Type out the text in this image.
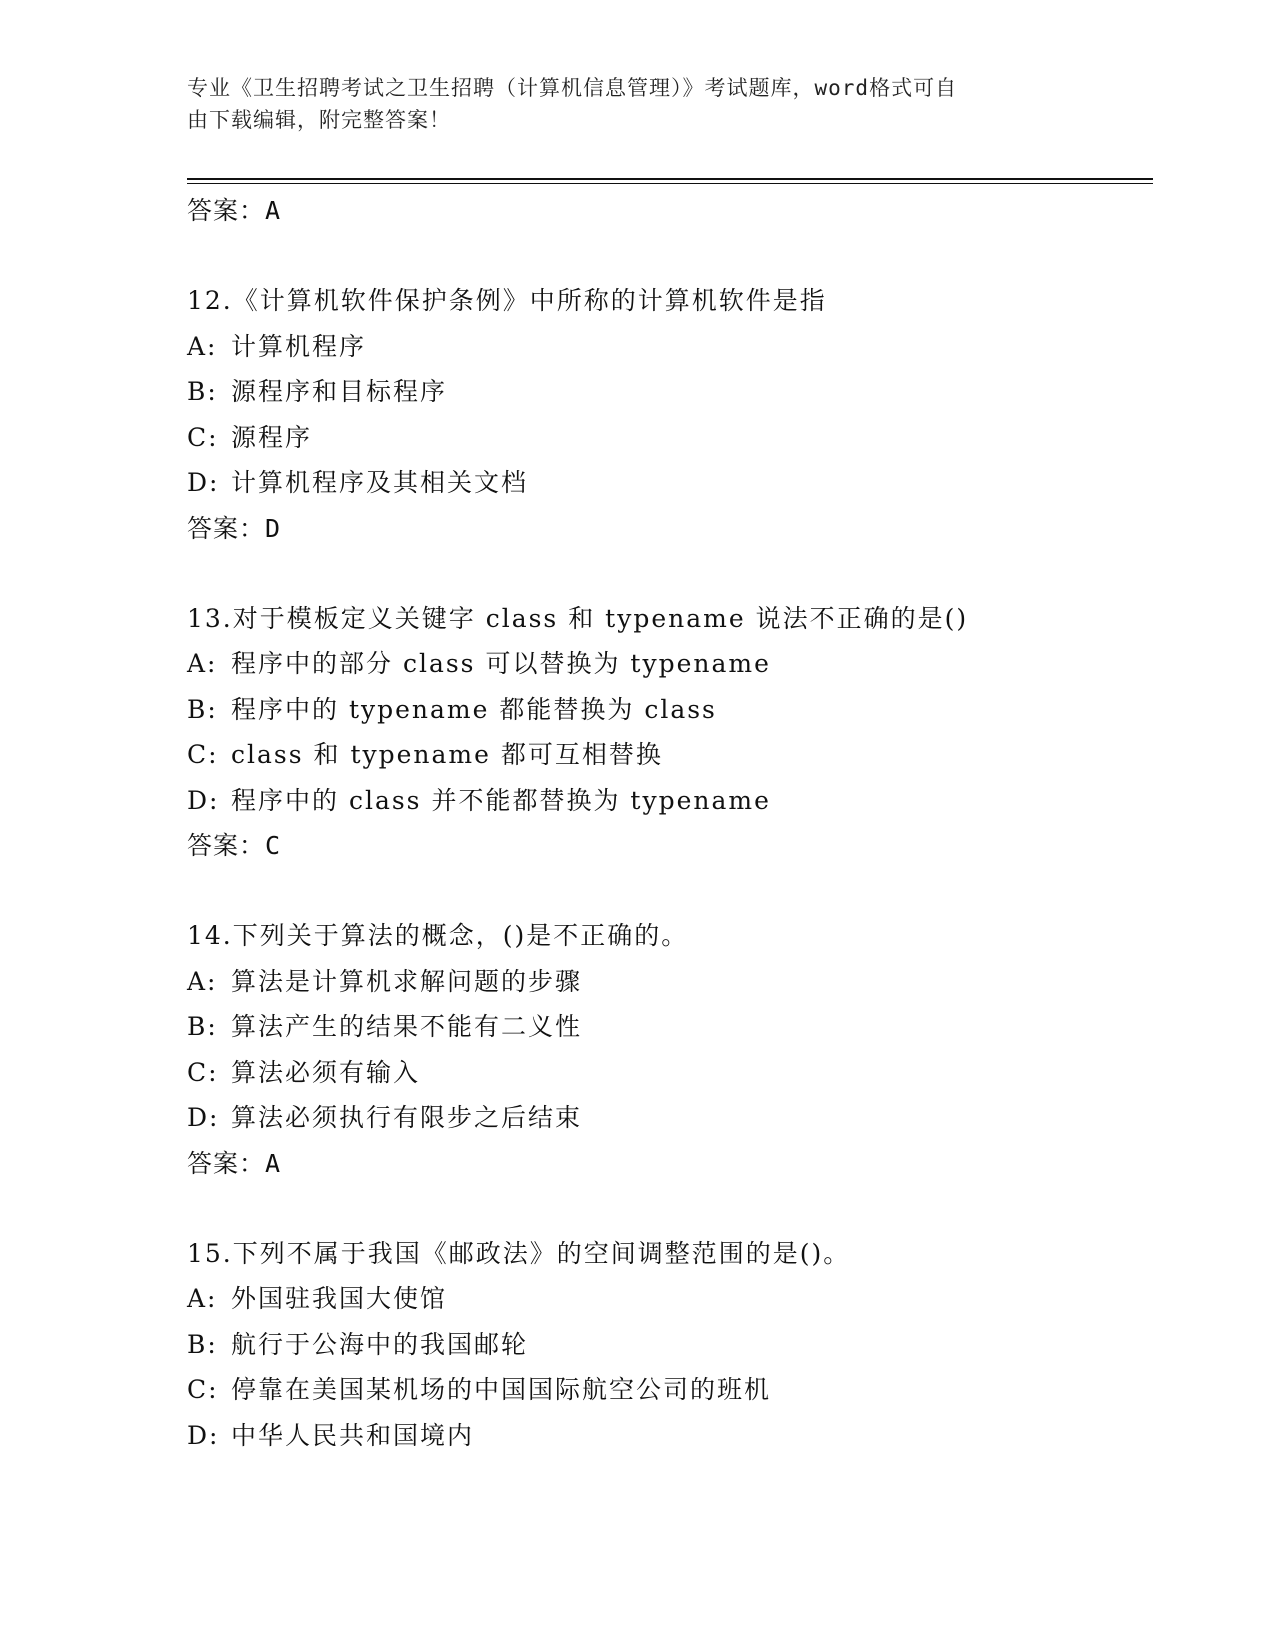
专业《卫生招聘考试之卫生招聘（计算机信息管理）》考试题库，word格式可自
由下载编辑，附完整答案！
答案：A
12.《计算机软件保护条例》中所称的计算机软件是指
A: 计算机程序
B: 源程序和目标程序
C: 源程序
D: 计算机程序及其相关文档
答案：D
13.对于模板定义关键字 class 和 typename 说法不正确的是()
A: 程序中的部分 class 可以替换为 typename
B: 程序中的 typename 都能替换为 class
C: class 和 typename 都可互相替换
D: 程序中的 class 并不能都替换为 typename
答案：C
14.下列关于算法的概念，()是不正确的。
A: 算法是计算机求解问题的步骤
B: 算法产生的结果不能有二义性
C: 算法必须有输入
D: 算法必须执行有限步之后结束
答案：A
15.下列不属于我国《邮政法》的空间调整范围的是()。
A: 外国驻我国大使馆
B: 航行于公海中的我国邮轮
C: 停靠在美国某机场的中国国际航空公司的班机
D: 中华人民共和国境内
